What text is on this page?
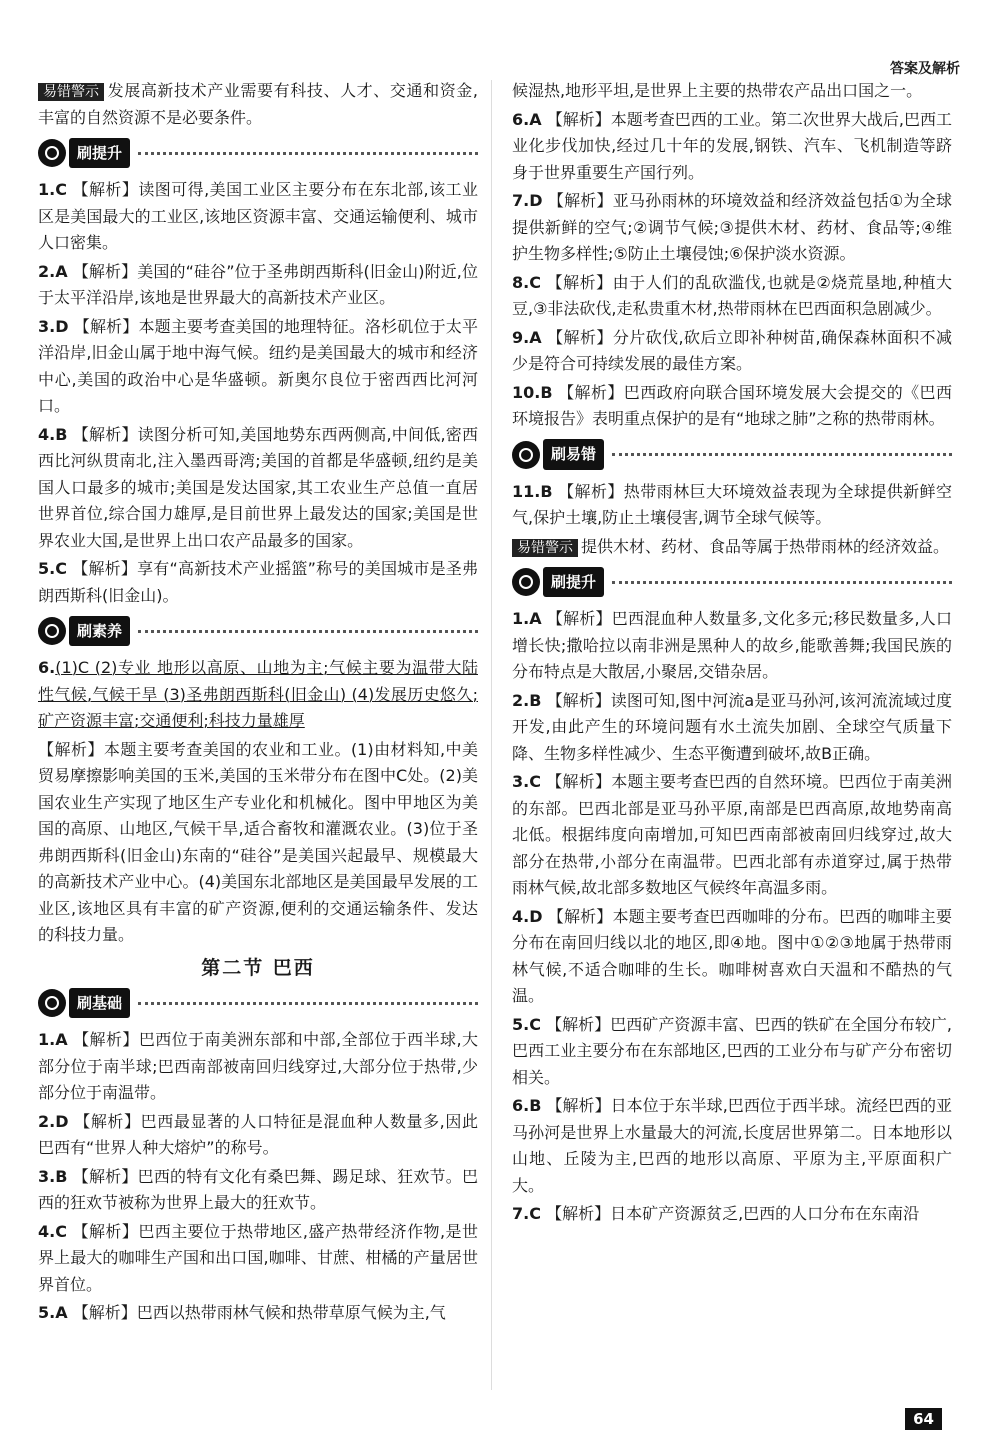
答案及解析
易错警示 发展高新技术产业需要有科技、人才、交通和资金,丰富的自然资源不是必要条件。
刷提升

1.C 【解析】读图可得,美国工业区主要分布在东北部,该工业区是美国最大的工业区,该地区资源丰富、交通运输便利、城市人口密集。

2.A 【解析】美国的“硅谷”位于圣弗朗西斯科(旧金山)附近,位于太平洋沿岸,该地是世界最大的高新技术产业区。

3.D 【解析】本题主要考查美国的地理特征。洛杉矶位于太平洋沿岸,旧金山属于地中海气候。纽约是美国最大的城市和经济中心,美国的政治中心是华盛顿。新奥尔良位于密西西比河河口。

4.B 【解析】读图分析可知,美国地势东西两侧高,中间低,密西西比河纵贯南北,注入墨西哥湾;美国的首都是华盛顿,纽约是美国人口最多的城市;美国是发达国家,其工农业生产总值一直居世界首位,综合国力雄厚,是目前世界上最发达的国家;美国是世界农业大国,是世界上出口农产品最多的国家。

5.C 【解析】享有“高新技术产业摇篮”称号的美国城市是圣弗朗西斯科(旧金山)。

刷素养

6.(1)C (2)专业 地形以高原、山地为主;气候主要为温带大陆性气候,气候干旱 (3)圣弗朗西斯科(旧金山) (4)发展历史悠久;矿产资源丰富;交通便利;科技力量雄厚

【解析】本题主要考查美国的农业和工业。(1)由材料知,中美贸易摩擦影响美国的玉米,美国的玉米带分布在图中C处。(2)美国农业生产实现了地区生产专业化和机械化。图中甲地区为美国的高原、山地区,气候干旱,适合畜牧和灌溉农业。(3)位于圣弗朗西斯科(旧金山)东南的“硅谷”是美国兴起最早、规模最大的高新技术产业中心。(4)美国东北部地区是美国最早发展的工业区,该地区具有丰富的矿产资源,便利的交通运输条件、发达的科技力量。

第二节 巴西
刷基础

1.A 【解析】巴西位于南美洲东部和中部,全部位于西半球,大部分位于南半球;巴西南部被南回归线穿过,大部分位于热带,少部分位于南温带。

2.D 【解析】巴西最显著的人口特征是混血种人数量多,因此巴西有“世界人种大熔炉”的称号。

3.B 【解析】巴西的特有文化有桑巴舞、踢足球、狂欢节。巴西的狂欢节被称为世界上最大的狂欢节。

4.C 【解析】巴西主要位于热带地区,盛产热带经济作物,是世界上最大的咖啡生产国和出口国,咖啡、甘蔗、柑橘的产量居世界首位。

5.A 【解析】巴西以热带雨林气候和热带草原气候为主,气

候湿热,地形平坦,是世界上主要的热带农产品出口国之一。

6.A 【解析】本题考查巴西的工业。第二次世界大战后,巴西工业化步伐加快,经过几十年的发展,钢铁、汽车、飞机制造等跻身于世界重要生产国行列。

7.D 【解析】亚马孙雨林的环境效益和经济效益包括①为全球提供新鲜的空气;②调节气候;③提供木材、药材、食品等;④维护生物多样性;⑤防止土壤侵蚀;⑥保护淡水资源。

8.C 【解析】由于人们的乱砍滥伐,也就是②烧荒垦地,种植大豆,③非法砍伐,走私贵重木材,热带雨林在巴西面积急剧减少。

9.A 【解析】分片砍伐,砍后立即补种树苗,确保森林面积不减少是符合可持续发展的最佳方案。

10.B 【解析】巴西政府向联合国环境发展大会提交的《巴西环境报告》表明重点保护的是有“地球之肺”之称的热带雨林。

刷易错

11.B 【解析】热带雨林巨大环境效益表现为全球提供新鲜空气,保护土壤,防止土壤侵害,调节全球气候等。

易错警示 提供木材、药材、食品等属于热带雨林的经济效益。

刷提升

1.A 【解析】巴西混血种人数量多,文化多元;移民数量多,人口增长快;撒哈拉以南非洲是黑种人的故乡,能歌善舞;我国民族的分布特点是大散居,小聚居,交错杂居。

2.B 【解析】读图可知,图中河流a是亚马孙河,该河流流域过度开发,由此产生的环境问题有水土流失加剧、全球空气质量下降、生物多样性减少、生态平衡遭到破坏,故B正确。

3.C 【解析】本题主要考查巴西的自然环境。巴西位于南美洲的东部。巴西北部是亚马孙平原,南部是巴西高原,故地势南高北低。根据纬度向南增加,可知巴西南部被南回归线穿过,故大部分在热带,小部分在南温带。巴西北部有赤道穿过,属于热带雨林气候,故北部多数地区气候终年高温多雨。

4.D 【解析】本题主要考查巴西咖啡的分布。巴西的咖啡主要分布在南回归线以北的地区,即④地。图中①②③地属于热带雨林气候,不适合咖啡的生长。咖啡树喜欢白天温和不酷热的气温。

5.C 【解析】巴西矿产资源丰富、巴西的铁矿在全国分布较广,巴西工业主要分布在东部地区,巴西的工业分布与矿产分布密切相关。

6.B 【解析】日本位于东半球,巴西位于西半球。流经巴西的亚马孙河是世界上水量最大的河流,长度居世界第二。日本地形以山地、丘陵为主,巴西的地形以高原、平原为主,平原面积广大。

7.C 【解析】日本矿产资源贫乏,巴西的人口分布在东南沿

64
